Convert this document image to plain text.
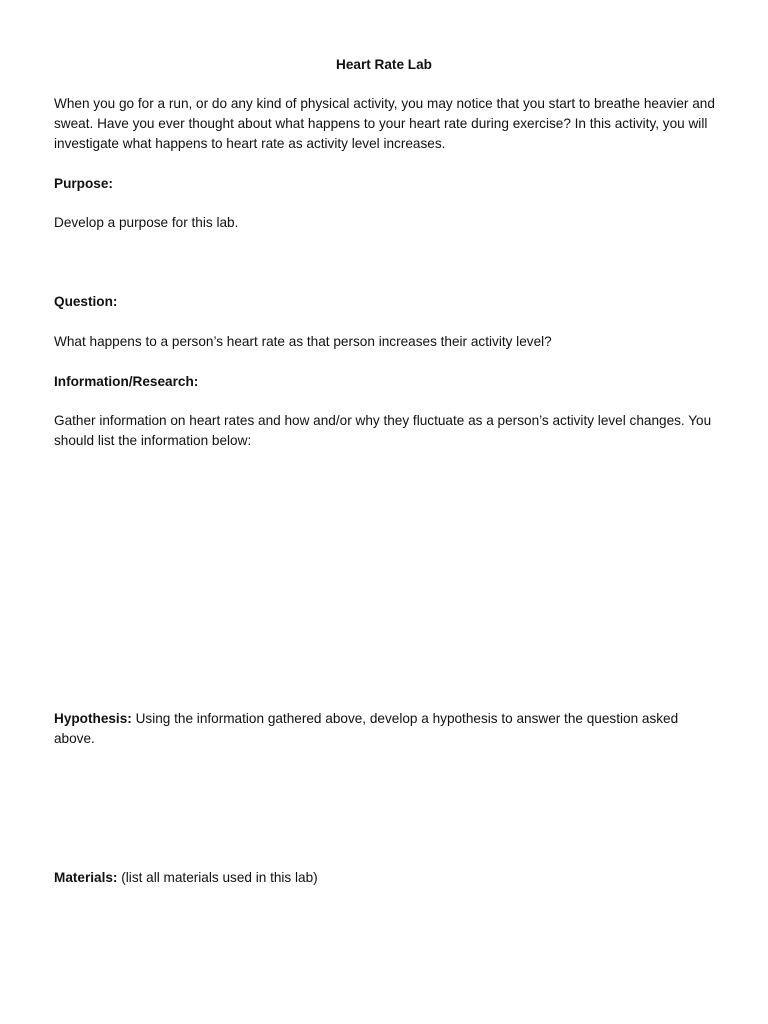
Heart Rate Lab

When you go for a run, or do any kind of physical activity, you may notice that you start to breathe heavier and sweat. Have you ever thought about what happens to your heart rate during exercise? In this activity, you will investigate what happens to heart rate as activity level increases.

Purpose:

Develop a purpose for this lab.

Question:

What happens to a person’s heart rate as that person increases their activity level?

Information/Research:

Gather information on heart rates and how and/or why they fluctuate as a person’s activity level changes. You should list the information below:

Hypothesis: Using the information gathered above, develop a hypothesis to answer the question asked above.

Materials: (list all materials used in this lab)
